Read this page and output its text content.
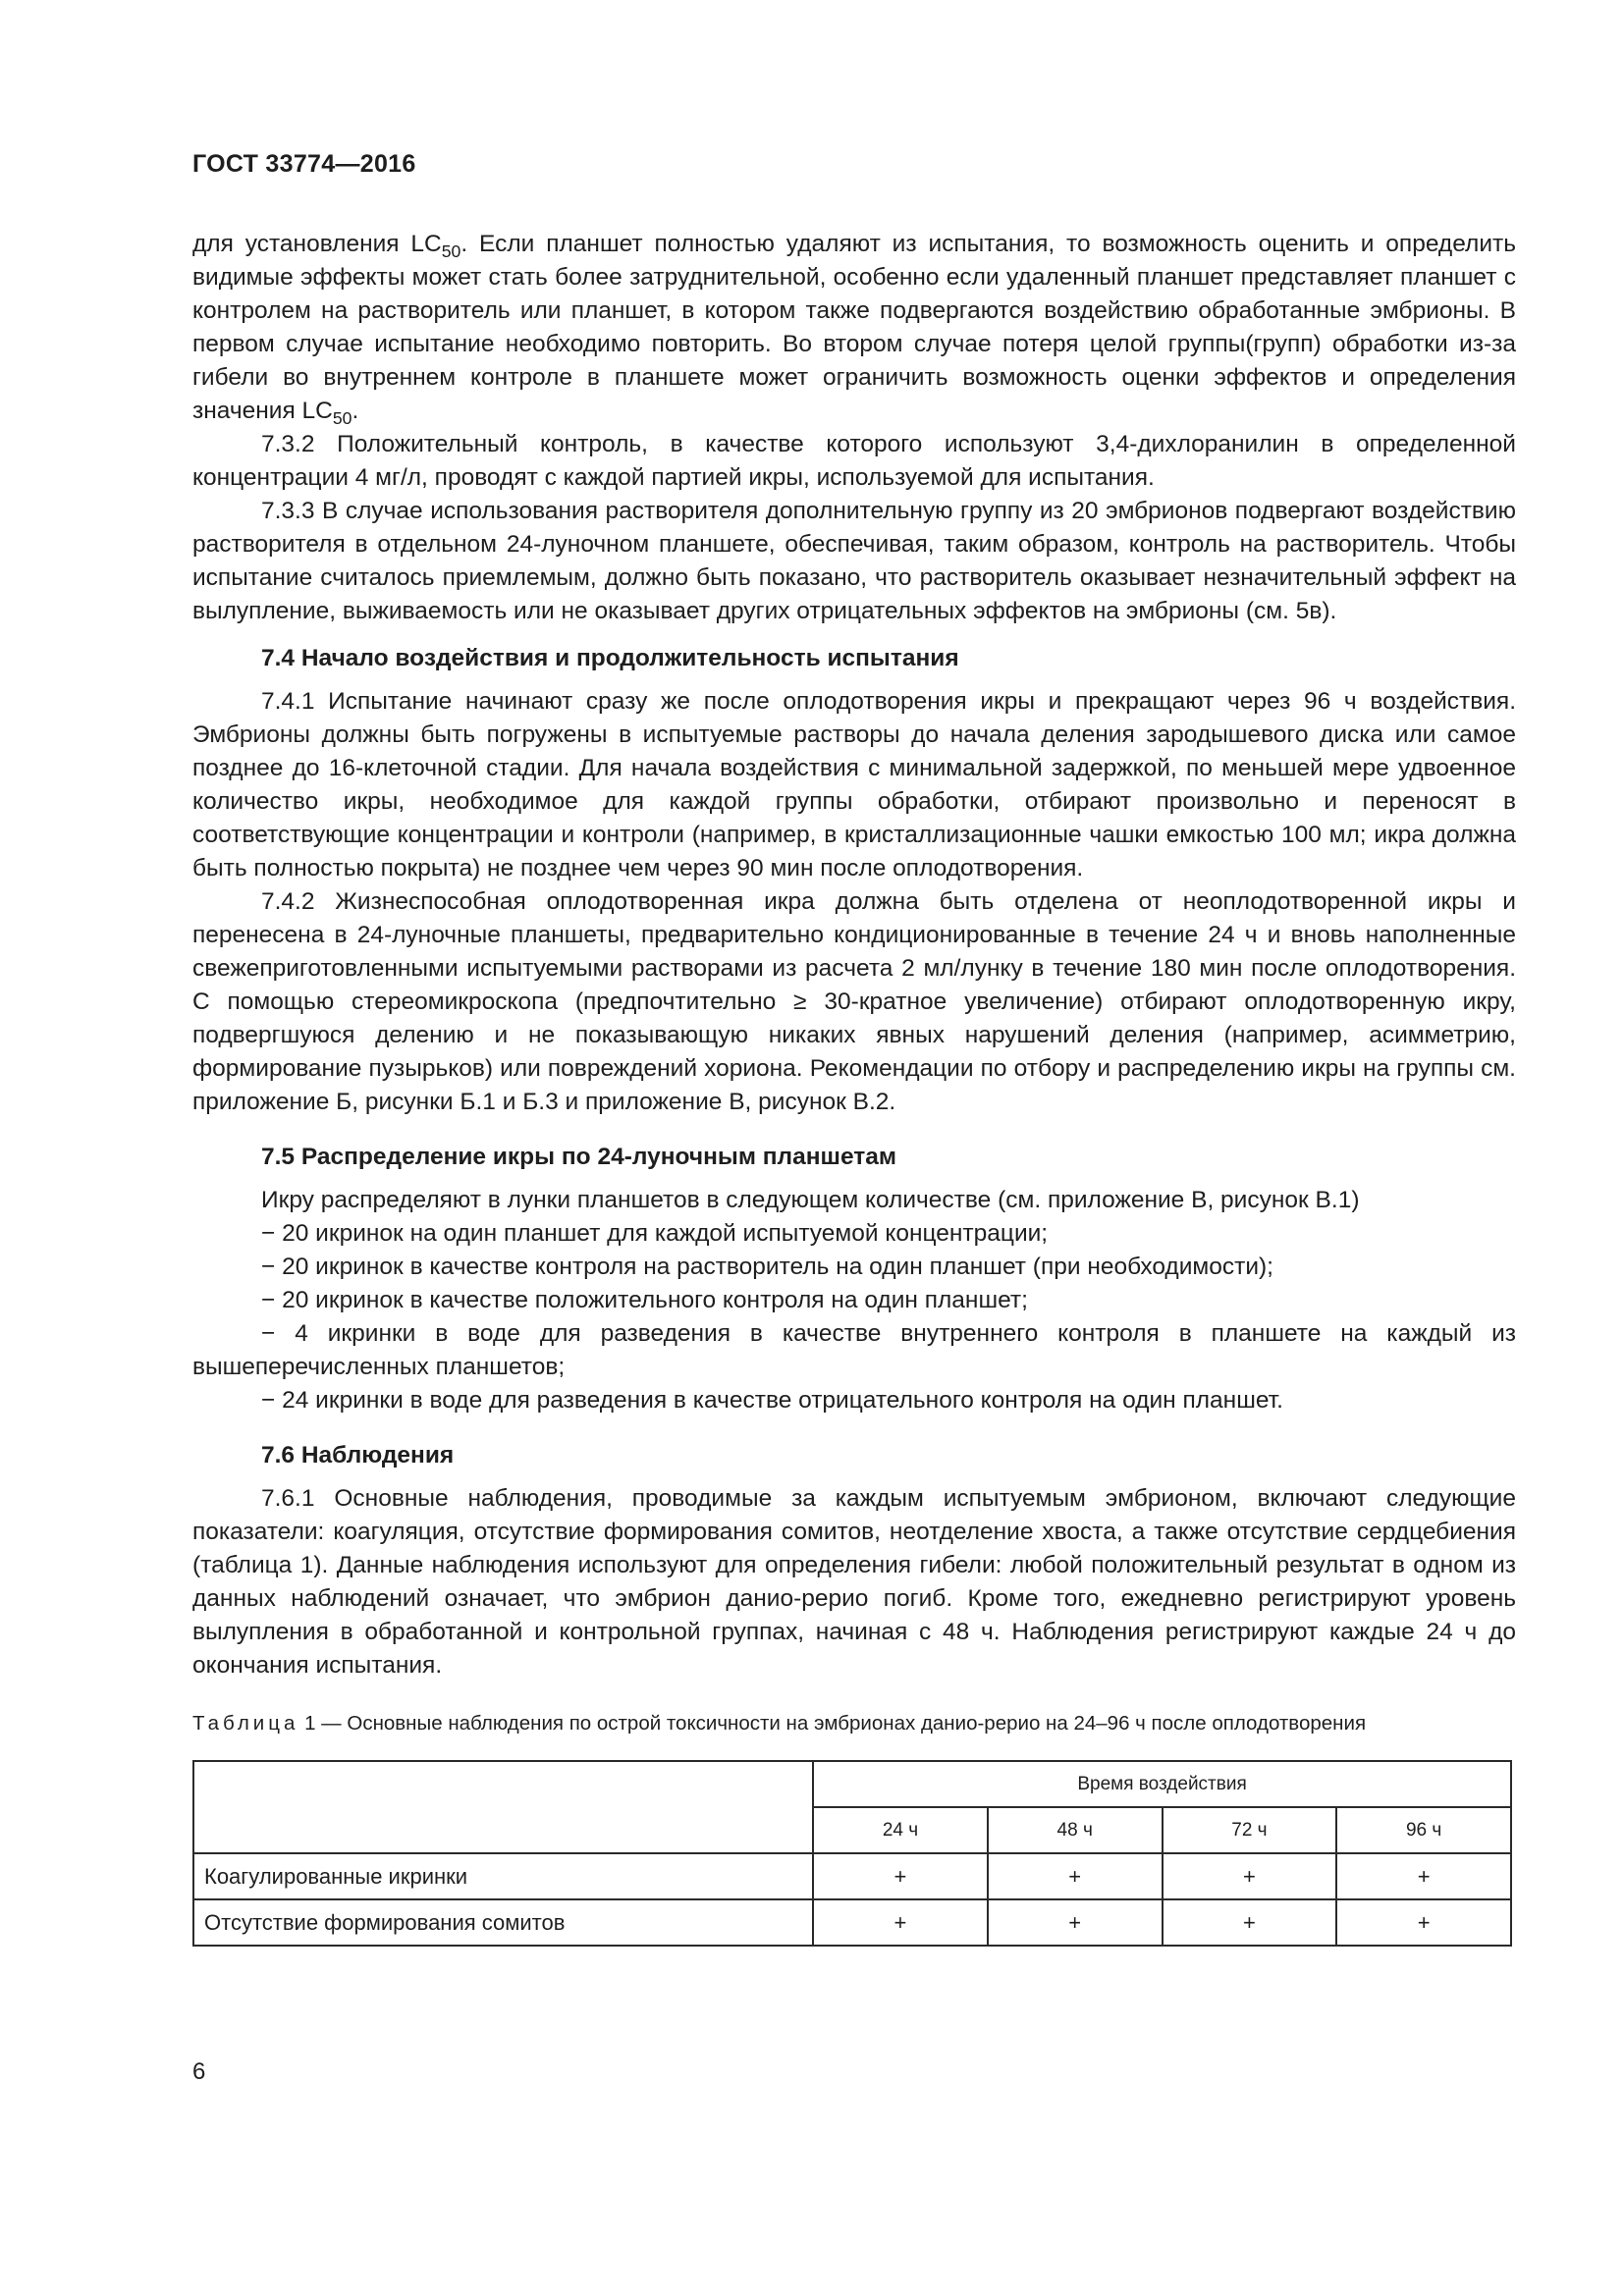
ГОСТ 33774—2016

для установления $LC_{50}$. Если планшет полностью удаляют из испытания, то возможность оценить и определить видимые эффекты может стать более затруднительной, особенно если удаленный планшет представляет планшет с контролем на растворитель или планшет, в котором также подвергаются воздействию обработанные эмбрионы. В первом случае испытание необходимо повторить. Во втором случае потеря целой группы(групп) обработки из-за гибели во внутреннем контроле в планшете может ограничить возможность оценки эффектов и определения значения $LC_{50}$.

7.3.2 Положительный контроль, в качестве которого используют 3,4-дихлоранилин в определенной концентрации 4 мг/л, проводят с каждой партией икры, используемой для испытания.

7.3.3 В случае использования растворителя дополнительную группу из 20 эмбрионов подвергают воздействию растворителя в отдельном 24-луночном планшете, обеспечивая, таким образом, контроль на растворитель. Чтобы испытание считалось приемлемым, должно быть показано, что растворитель оказывает незначительный эффект на вылупление, выживаемость или не оказывает других отрицательных эффектов на эмбрионы (см. 5в).

7.4 Начало воздействия и продолжительность испытания

7.4.1 Испытание начинают сразу же после оплодотворения икры и прекращают через 96 ч воздействия. Эмбрионы должны быть погружены в испытуемые растворы до начала деления зародышевого диска или самое позднее до 16-клеточной стадии. Для начала воздействия с минимальной задержкой, по меньшей мере удвоенное количество икры, необходимое для каждой группы обработки, отбирают произвольно и переносят в соответствующие концентрации и контроли (например, в кристаллизационные чашки емкостью 100 мл; икра должна быть полностью покрыта) не позднее чем через 90 мин после оплодотворения.

7.4.2 Жизнеспособная оплодотворенная икра должна быть отделена от неоплодотворенной икры и перенесена в 24-луночные планшеты, предварительно кондиционированные в течение 24 ч и вновь наполненные свежеприготовленными испытуемыми растворами из расчета 2 мл/лунку в течение 180 мин после оплодотворения. С помощью стереомикроскопа (предпочтительно ≥ 30-кратное увеличение) отбирают оплодотворенную икру, подвергшуюся делению и не показывающую никаких явных нарушений деления (например, асимметрию, формирование пузырьков) или повреждений хориона. Рекомендации по отбору и распределению икры на группы см. приложение Б, рисунки Б.1 и Б.3 и приложение В, рисунок В.2.

7.5 Распределение икры по 24-луночным планшетам

Икру распределяют в лунки планшетов в следующем количестве (см. приложение В, рисунок В.1)

− 20 икринок на один планшет для каждой испытуемой концентрации;

− 20 икринок в качестве контроля на растворитель на один планшет (при необходимости);

− 20 икринок в качестве положительного контроля на один планшет;

− 4 икринки в воде для разведения в качестве внутреннего контроля в планшете на каждый из вышеперечисленных планшетов;

− 24 икринки в воде для разведения в качестве отрицательного контроля на один планшет.

7.6 Наблюдения

7.6.1 Основные наблюдения, проводимые за каждым испытуемым эмбрионом, включают следующие показатели: коагуляция, отсутствие формирования сомитов, неотделение хвоста, а также отсутствие сердцебиения (таблица 1). Данные наблюдения используют для определения гибели: любой положительный результат в одном из данных наблюдений означает, что эмбрион данио-рерио погиб. Кроме того, ежедневно регистрируют уровень вылупления в обработанной и контрольной группах, начиная с 48 ч. Наблюдения регистрируют каждые 24 ч до окончания испытания.

Таблица 1 — Основные наблюдения по острой токсичности на эмбрионах данио-рерио на 24–96 ч после оплодотворения
	Время воздействия			
	24 ч	48 ч	72 ч	96 ч
Коагулированные икринки	+	+	+	+
Отсутствие формирования сомитов	+	+	+	+
6
